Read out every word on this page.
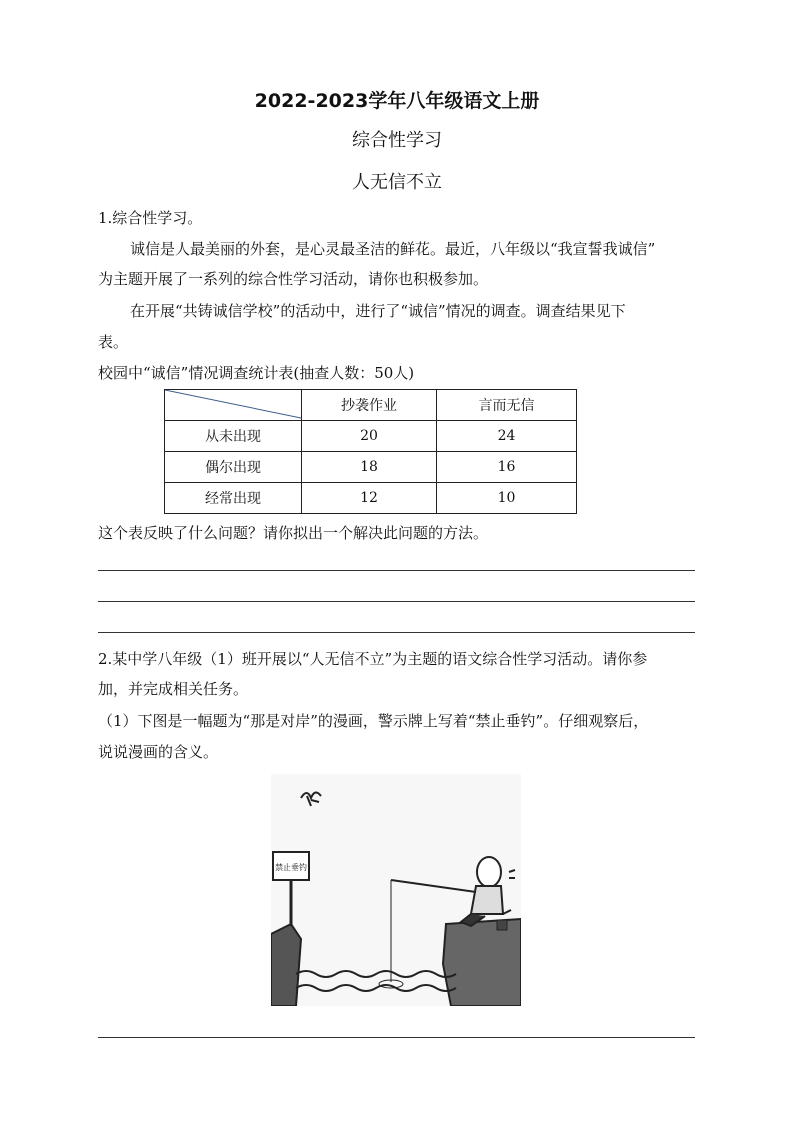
2022-2023学年八年级语文上册
综合性学习
人无信不立
1.综合性学习。
诚信是人最美丽的外套，是心灵最圣洁的鲜花。最近，八年级以“我宣誓我诚信”
为主题开展了一系列的综合性学习活动，请你也积极参加。
在开展“共铸诚信学校”的活动中，进行了“诚信”情况的调查。调查结果见下
表。
校园中“诚信”情况调查统计表(抽查人数：50人)
	抄袭作业	言而无信
从未出现	20	24
偶尔出现	18	16
经常出现	12	10
这个表反映了什么问题？请你拟出一个解决此问题的方法。
2.某中学八年级（1）班开展以“人无信不立”为主题的语文综合性学习活动。请你参
加，并完成相关任务。
（1）下图是一幅题为“那是对岸”的漫画，警示牌上写着“禁止垂钓”。仔细观察后，
说说漫画的含义。
禁止垂钓
